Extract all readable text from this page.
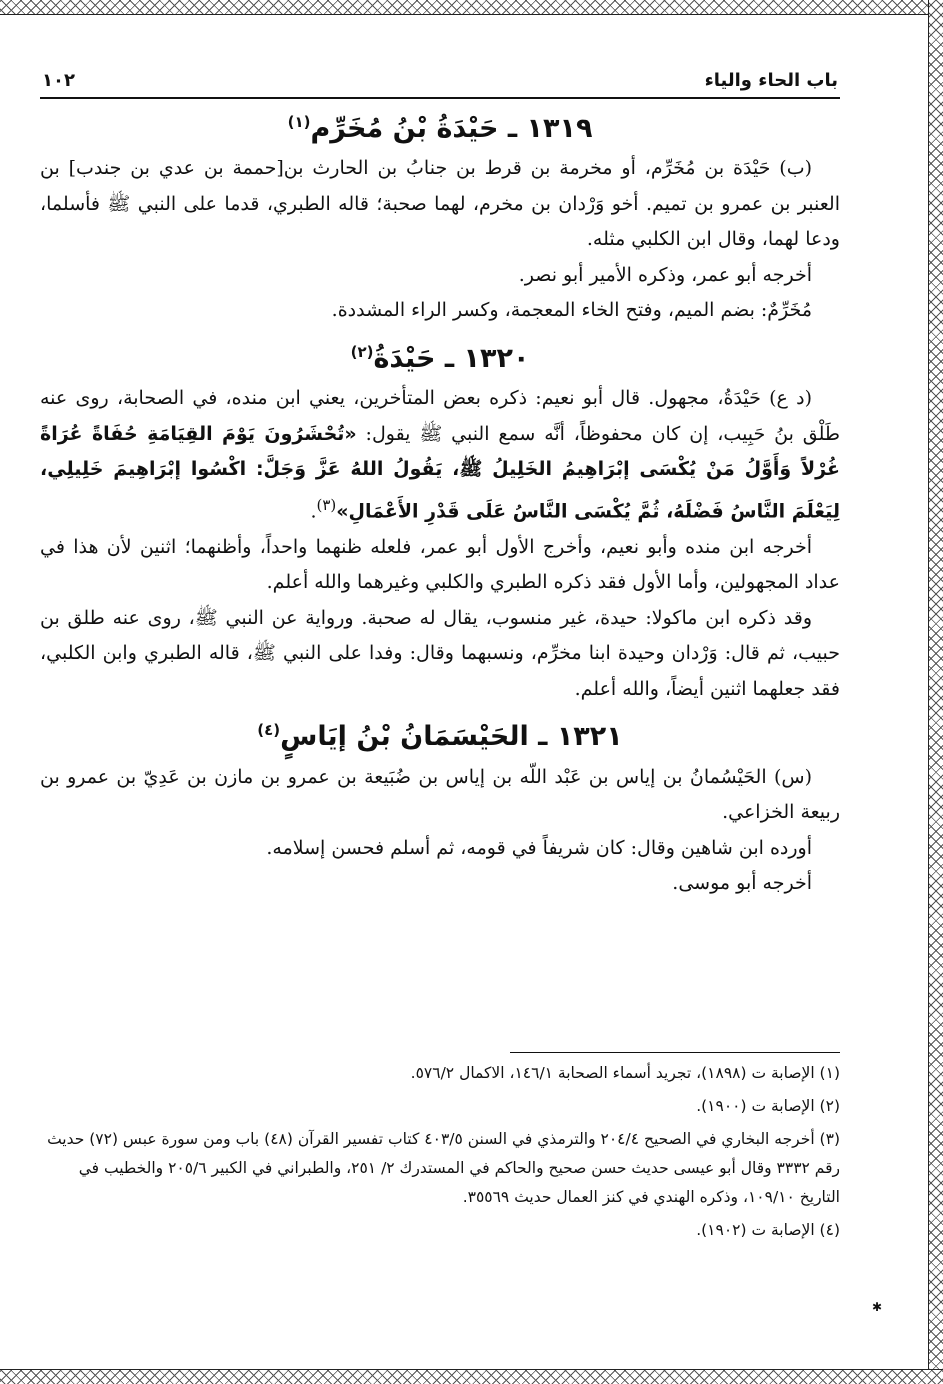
باب الحاء والياء
١٠٢
١٣١٩ ـ حَيْدَةُ بْنُ مُخَرِّم$^{(١)}$

(ب) حَيْدَة بن مُخَرِّم، أو مخرمة بن قرط بن جنابُ بن الحارث بن[حممة بن عدي بن جندب] بن العنبر بن عمرو بن تميم. أخو وَرْدان بن مخرم، لهما صحبة؛ قاله الطبري، قدما على النبي ﷺ فأسلما، ودعا لهما، وقال ابن الكلبي مثله.

أخرجه أبو عمر، وذكره الأمير أبو نصر.

مُخَرِّمٌ: بضم الميم، وفتح الخاء المعجمة، وكسر الراء المشددة.

١٣٢٠ ـ حَيْدَةُ$^{(٢)}$

(د ع) حَيْدَةُ، مجهول. قال أبو نعيم: ذكره بعض المتأخرين، يعني ابن منده، في الصحابة، روى عنه طَلْق بنُ حَبِيب، إن كان محفوظاً، أنَّه سمع النبي ﷺ يقول: «تُحْشَرُونَ يَوْمَ القِيَامَةِ حُفَاةً عُرَاةً غُرْلاً وَأَوَّلُ مَنْ يُكْسَى إبْرَاهِيمُ الخَلِيلُ ﷺ، يَقُولُ اللهُ عَزَّ وَجَلَّ: اكْسُوا إبْرَاهِيمَ خَلِيلِي، لِيَعْلَمَ النَّاسُ فَضْلَهُ، ثُمَّ يُكْسَى النَّاسُ عَلَى قَدْرِ الأَعْمَالِ»$^{(٣)}$.

أخرجه ابن منده وأبو نعيم، وأخرج الأول أبو عمر، فلعله ظنهما واحداً، وأظنهما؛ اثنين لأن هذا في عداد المجهولين، وأما الأول فقد ذكره الطبري والكلبي وغيرهما والله أعلم.

وقد ذكره ابن ماكولا: حيدة، غير منسوب، يقال له صحبة. ورواية عن النبي ﷺ، روى عنه طلق بن حبيب، ثم قال: وَرْدان وحيدة ابنا مخرِّم، ونسبهما وقال: وفدا على النبي ﷺ، قاله الطبري وابن الكلبي، فقد جعلهما اثنين أيضاً، والله أعلم.

١٣٢١ ـ الحَيْسَمَانُ بْنُ إيَاسٍ$^{(٤)}$

(س) الحَيْسُمانُ بن إياس بن عَبْد اللّه بن إياس بن ضُبَيعة بن عمرو بن مازن بن عَدِيّ بن عمرو بن ربيعة الخزاعي.

أورده ابن شاهين وقال: كان شريفاً في قومه، ثم أسلم فحسن إسلامه.

أخرجه أبو موسى.

(١) الإصابة ت (١٨٩٨)، تجريد أسماء الصحابة ١٤٦/١، الاكمال ٥٧٦/٢.

(٢) الإصابة ت (١٩٠٠).

(٣) أخرجه البخاري في الصحيح ٢٠٤/٤ والترمذي في السنن ٤٠٣/٥ كتاب تفسير القرآن (٤٨) باب ومن سورة عبس (٧٢) حديث رقم ٣٣٣٢ وقال أبو عيسى حديث حسن صحيح والحاكم في المستدرك ٢/ ٢٥١، والطبراني في الكبير ٢٠٥/٦ والخطيب في التاريخ ١٠٩/١٠، وذكره الهندي في كنز العمال حديث ٣٥٥٦٩.

(٤) الإصابة ت (١٩٠٢).

✱
